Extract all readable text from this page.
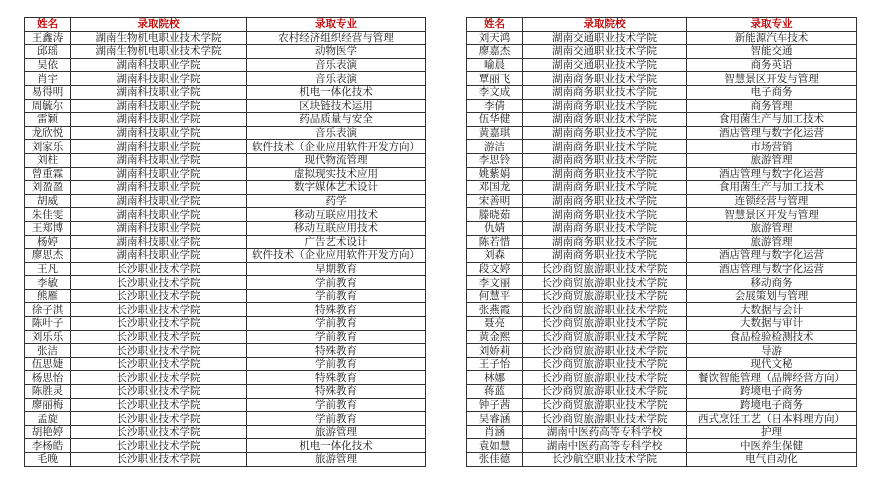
姓名	录取院校	录取专业
王鑫涛	湖南生物机电职业技术学院	农村经济组织经营与管理
邱瑶	湖南生物机电职业技术学院	动物医学
吴依	湖南科技职业学院	音乐表演
肖宇	湖南科技职业学院	音乐表演
易得明	湖南科技职业学院	机电一体化技术
周毓尔	湖南科技职业学院	区块链技术运用
雷颖	湖南科技职业学院	药品质量与安全
龙欣悦	湖南科技职业学院	音乐表演
刘家乐	湖南科技职业学院	软件技术（企业应用软件开发方向）
刘柱	湖南科技职业学院	现代物流管理
曾重霖	湖南科技职业学院	虚拟现实技术应用
刘盈盈	湖南科技职业学院	数字媒体艺术设计
胡威	湖南科技职业学院	药学
朱佳雯	湖南科技职业学院	移动互联应用技术
王郑博	湖南科技职业学院	移动互联应用技术
杨婷	湖南科技职业学院	广告艺术设计
廖思杰	湖南科技职业学院	软件技术（企业应用软件开发方向）
王凡	长沙职业技术学院	早期教育
李敏	长沙职业技术学院	学前教育
熊雁	长沙职业技术学院	学前教育
徐子淇	长沙职业技术学院	特殊教育
陈叶子	长沙职业技术学院	学前教育
刘乐乐	长沙职业技术学院	学前教育
张洁	长沙职业技术学院	特殊教育
伍思婕	长沙职业技术学院	学前教育
杨思怡	长沙职业技术学院	特殊教育
陈胜灵	长沙职业技术学院	特殊教育
廖丽梅	长沙职业技术学院	学前教育
孟旋	长沙职业技术学院	学前教育
胡艳婷	长沙职业技术学院	旅游管理
李杨皓	长沙职业技术学院	机电一体化技术
毛晚	长沙职业技术学院	旅游管理
姓名	录取院校	录取专业
刘天鸿	湖南交通职业技术学院	新能源汽车技术
廖嘉杰	湖南交通职业技术学院	智能交通
喻晨	湖南交通职业技术学院	商务英语
覃丽飞	湖南商务职业技术学院	智慧景区开发与管理
李文成	湖南商务职业技术学院	电子商务
李倩	湖南商务职业技术学院	商务管理
伍华健	湖南商务职业技术学院	食用菌生产与加工技术
黄嘉琪	湖南商务职业技术学院	酒店管理与数字化运营
游洁	湖南商务职业技术学院	市场营销
李思铃	湖南商务职业技术学院	旅游管理
姚紫娟	湖南商务职业技术学院	酒店管理与数字化运营
邓国龙	湖南商务职业技术学院	食用菌生产与加工技术
宋善明	湖南商务职业技术学院	连锁经营与管理
滕晓茹	湖南商务职业技术学院	智慧景区开发与管理
仇婧	湖南商务职业技术学院	旅游管理
陈若惜	湖南商务职业技术学院	旅游管理
刘森	湖南商务职业技术学院	酒店管理与数字化运营
段文婷	长沙商贸旅游职业技术学院	酒店管理与数字化运营
李文丽	长沙商贸旅游职业技术学院	移动商务
何慧平	长沙商贸旅游职业技术学院	会展策划与管理
张燕霞	长沙商贸旅游职业技术学院	大数据与会计
聂亮	长沙商贸旅游职业技术学院	大数据与审计
黄金熙	长沙商贸旅游职业技术学院	食品检验检测技术
刘娇莉	长沙商贸旅游职业技术学院	导游
王子怡	长沙商贸旅游职业技术学院	现代文秘
林娜	长沙商贸旅游职业技术学院	餐饮智能管理（品牌经营方向）
蒋蓝	长沙商贸旅游职业技术学院	跨境电子商务
钟子茜	长沙商贸旅游职业技术学院	跨境电子商务
吴睿涵	长沙商贸旅游职业技术学院	西式烹饪工艺（日本料理方向）
肖涵	湖南中医药高等专科学校	护理
袁如慧	湖南中医药高等专科学校	中医养生保健
张佳德	长沙航空职业技术学院	电气自动化
